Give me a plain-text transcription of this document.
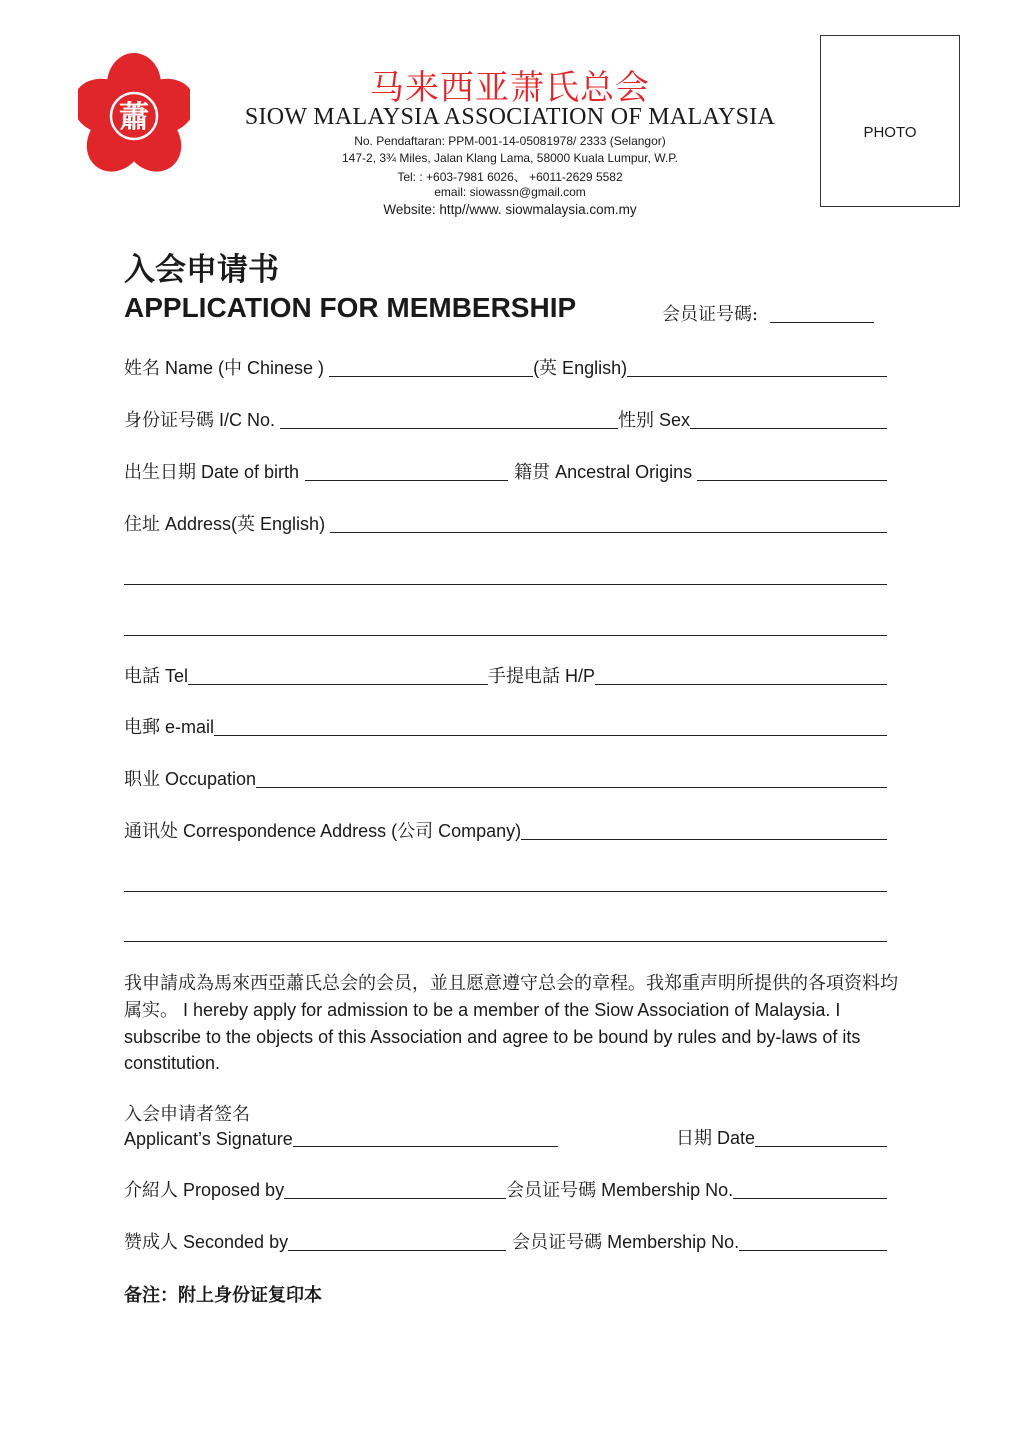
蕭
马来西亚萧氏总会
SIOW MALAYSIA ASSOCIATION OF MALAYSIA
No. Pendaftaran: PPM-001-14-05081978/ 2333 (Selangor)
147-2, 3¾ Miles, Jalan Klang Lama, 58000 Kuala Lumpur, W.P.
Tel: : +603-7981 6026、 +6011-2629 5582
email: siowassn@gmail.com
Website: http//www. siowmalaysia.com.my
PHOTO
入会申请书
APPLICATION FOR MEMBERSHIP	会员证号碼:
姓名 Name (中 Chinese )	(英 English)
身份证号碼 I/C No.	性别 Sex
出生日期 Date of birth	籍贯 Ancestral Origins
住址 Address(英 English)
电話 Tel	手提电話 H/P
电郵 e-mail
职业 Occupation
通讯处 Correspondence Address (公司 Company)
我申請成為馬來西亞蕭氏总会的会员，並且愿意遵守总会的章程。我郑重声明所提供的各項资料均属实。 I hereby apply for admission to be a member of the Siow Association of Malaysia. I subscribe to the objects of this Association and agree to be bound by rules and by-laws of its constitution.
入会申请者签名
Applicant’s Signature	日期 Date
介紹人 Proposed by	会员证号碼 Membership No.
赞成人 Seconded by	会员证号碼 Membership No.
备注：附上身份证复印本
